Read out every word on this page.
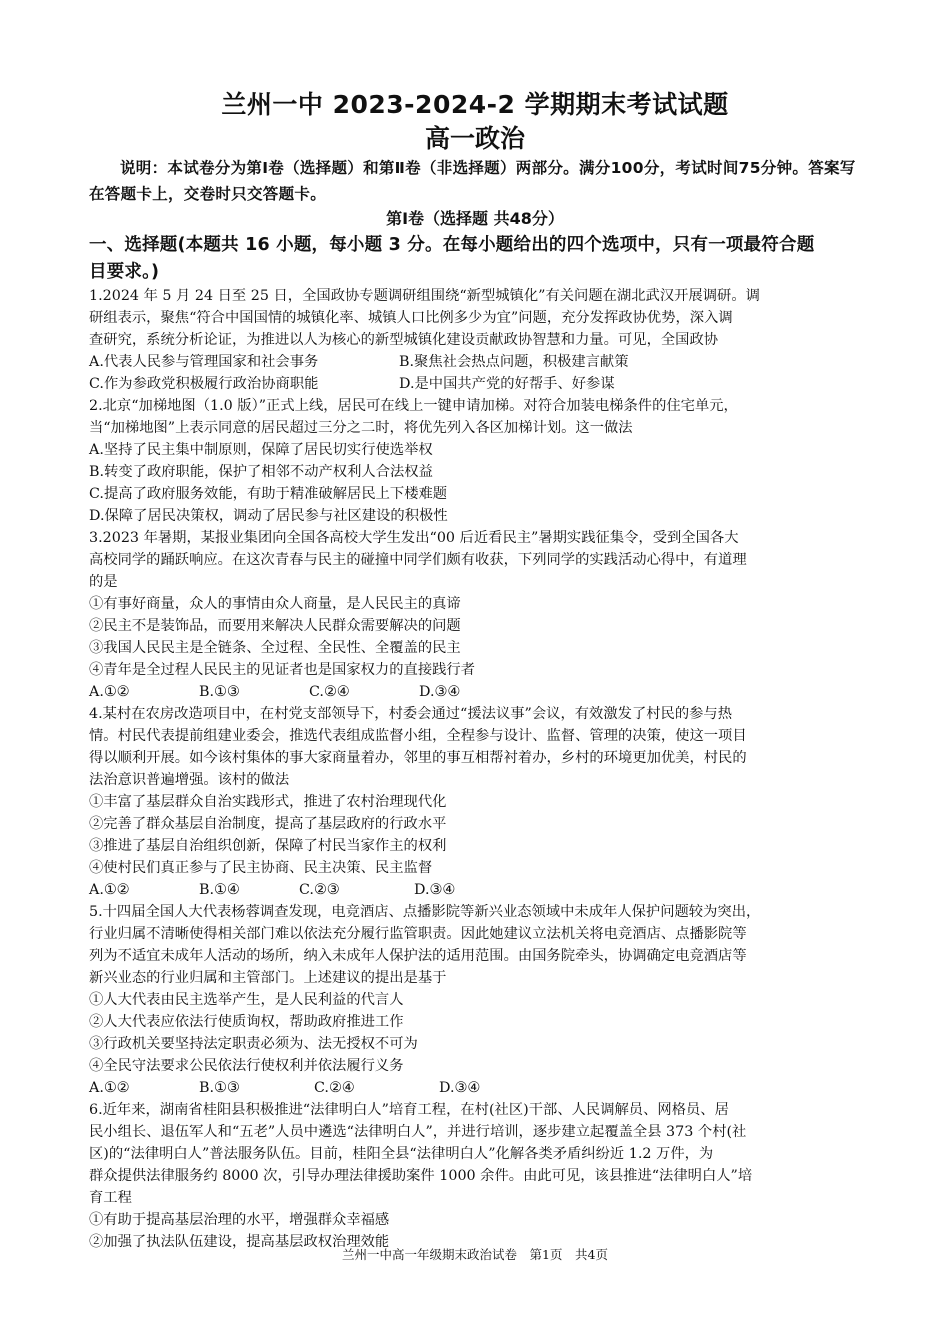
兰州一中 2023-2024-2 学期期末考试试题
高一政治
说明：本试卷分为第Ⅰ卷（选择题）和第Ⅱ卷（非选择题）两部分。满分100分，考试时间75分钟。答案写在答题卡上，交卷时只交答题卡。
第Ⅰ卷（选择题 共48分）
一、选择题(本题共 16 小题，每小题 3 分。在每小题给出的四个选项中，只有一项最符合题
目要求。)
1.2024 年 5 月 24 日至 25 日，全国政协专题调研组围绕“新型城镇化”有关问题在湖北武汉开展调研。调
研组表示，聚焦“符合中国国情的城镇化率、城镇人口比例多少为宜”问题，充分发挥政协优势，深入调
查研究，系统分析论证，为推进以人为核心的新型城镇化建设贡献政协智慧和力量。可见，全国政协
A.代表人民参与管理国家和社会事务	B.聚焦社会热点问题，积极建言献策
C.作为参政党积极履行政治协商职能	D.是中国共产党的好帮手、好参谋
2.北京“加梯地图（1.0 版）”正式上线，居民可在线上一键申请加梯。对符合加装电梯条件的住宅单元，
当“加梯地图”上表示同意的居民超过三分之二时，将优先列入各区加梯计划。这一做法
A.坚持了民主集中制原则，保障了居民切实行使选举权
B.转变了政府职能，保护了相邻不动产权利人合法权益
C.提高了政府服务效能，有助于精准破解居民上下楼难题
D.保障了居民决策权，调动了居民参与社区建设的积极性
3.2023 年暑期，某报业集团向全国各高校大学生发出“00 后近看民主”暑期实践征集令，受到全国各大
高校同学的踊跃响应。在这次青春与民主的碰撞中同学们颇有收获，下列同学的实践活动心得中，有道理
的是
①有事好商量，众人的事情由众人商量，是人民民主的真谛
②民主不是装饰品，而要用来解决人民群众需要解决的问题
③我国人民民主是全链条、全过程、全民性、全覆盖的民主
④青年是全过程人民民主的见证者也是国家权力的直接践行者
A.①②	B.①③	C.②④	D.③④
4.某村在农房改造项目中，在村党支部领导下，村委会通过“援法议事”会议，有效激发了村民的参与热
情。村民代表提前组建业委会，推选代表组成监督小组，全程参与设计、监督、管理的决策，使这一项目
得以顺利开展。如今该村集体的事大家商量着办，邻里的事互相帮衬着办，乡村的环境更加优美，村民的
法治意识普遍增强。该村的做法
①丰富了基层群众自治实践形式，推进了农村治理现代化
②完善了群众基层自治制度，提高了基层政府的行政水平
③推进了基层自治组织创新，保障了村民当家作主的权利
④使村民们真正参与了民主协商、民主决策、民主监督
A.①②	B.①④	C.②③	D.③④
5.十四届全国人大代表杨蓉调查发现，电竞酒店、点播影院等新兴业态领域中未成年人保护问题较为突出，
行业归属不清晰使得相关部门难以依法充分履行监管职责。因此她建议立法机关将电竞酒店、点播影院等
列为不适宜未成年人活动的场所，纳入未成年人保护法的适用范围。由国务院牵头，协调确定电竞酒店等
新兴业态的行业归属和主管部门。上述建议的提出是基于
①人大代表由民主选举产生，是人民利益的代言人
②人大代表应依法行使质询权，帮助政府推进工作
③行政机关要坚持法定职责必须为、法无授权不可为
④全民守法要求公民依法行使权利并依法履行义务
A.①②	B.①③	C.②④	D.③④
6.近年来，湖南省桂阳县积极推进“法律明白人”培育工程，在村(社区)干部、人民调解员、网格员、居
民小组长、退伍军人和“五老”人员中遴选“法律明白人”，并进行培训，逐步建立起覆盖全县 373 个村(社
区)的“法律明白人”普法服务队伍。目前，桂阳全县“法律明白人”化解各类矛盾纠纷近 1.2 万件，为
群众提供法律服务约 8000 次，引导办理法律援助案件 1000 余件。由此可见，该县推进“法律明白人”培
育工程
①有助于提高基层治理的水平，增强群众幸福感
②加强了执法队伍建设，提高基层政权治理效能
兰州一中高一年级期末政治试卷　第1页　共4页
